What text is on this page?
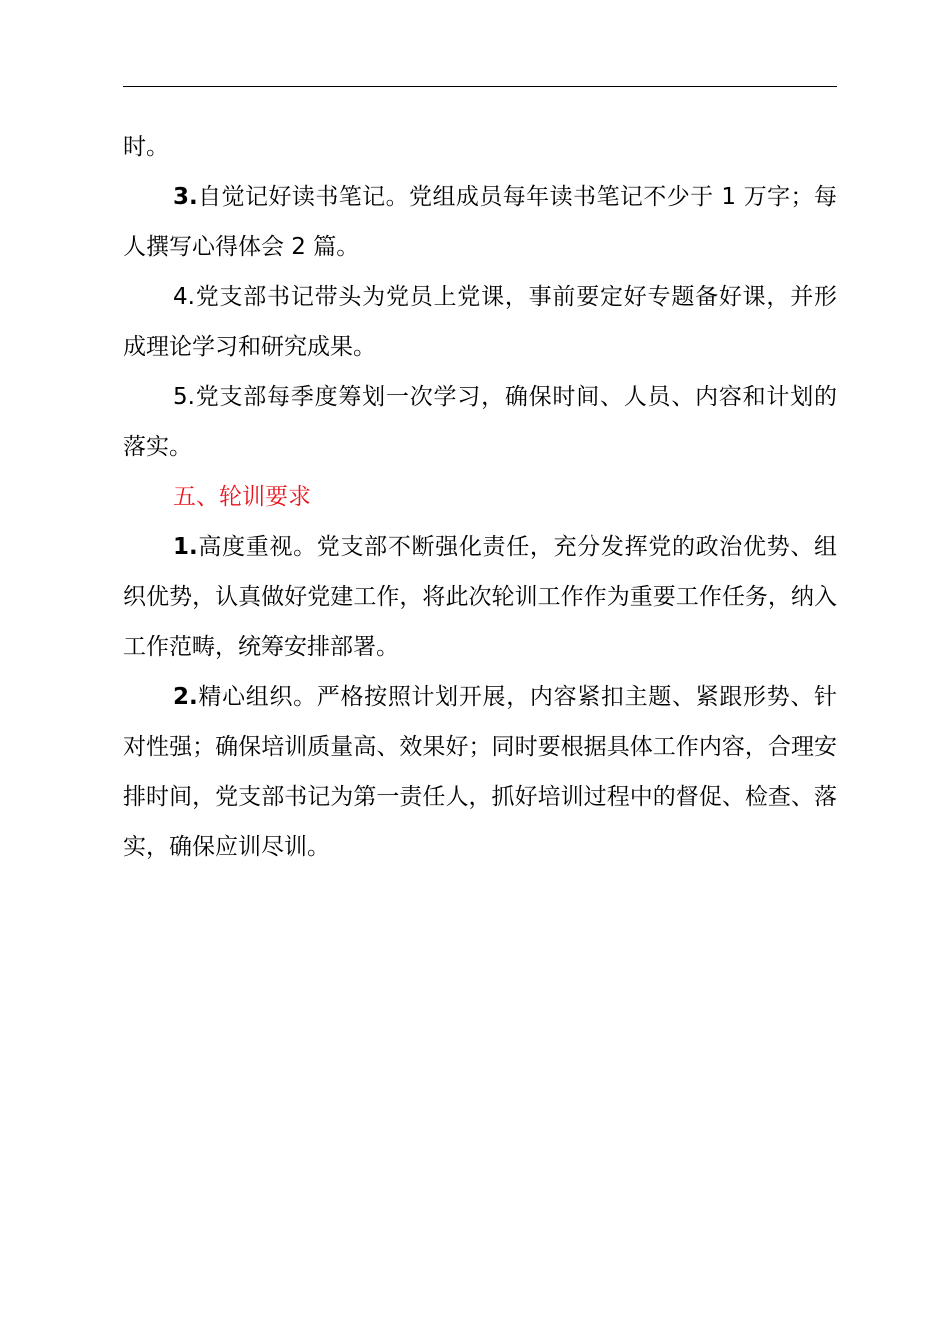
时。

3.自觉记好读书笔记。党组成员每年读书笔记不少于 1 万字；每人撰写心得体会 2 篇。

4.党支部书记带头为党员上党课，事前要定好专题备好课，并形成理论学习和研究成果。

5.党支部每季度筹划一次学习，确保时间、人员、内容和计划的落实。

五、轮训要求

1.高度重视。党支部不断强化责任，充分发挥党的政治优势、组织优势，认真做好党建工作，将此次轮训工作作为重要工作任务，纳入工作范畴，统筹安排部署。

2.精心组织。严格按照计划开展，内容紧扣主题、紧跟形势、针对性强；确保培训质量高、效果好；同时要根据具体工作内容，合理安排时间，党支部书记为第一责任人，抓好培训过程中的督促、检查、落实，确保应训尽训。
